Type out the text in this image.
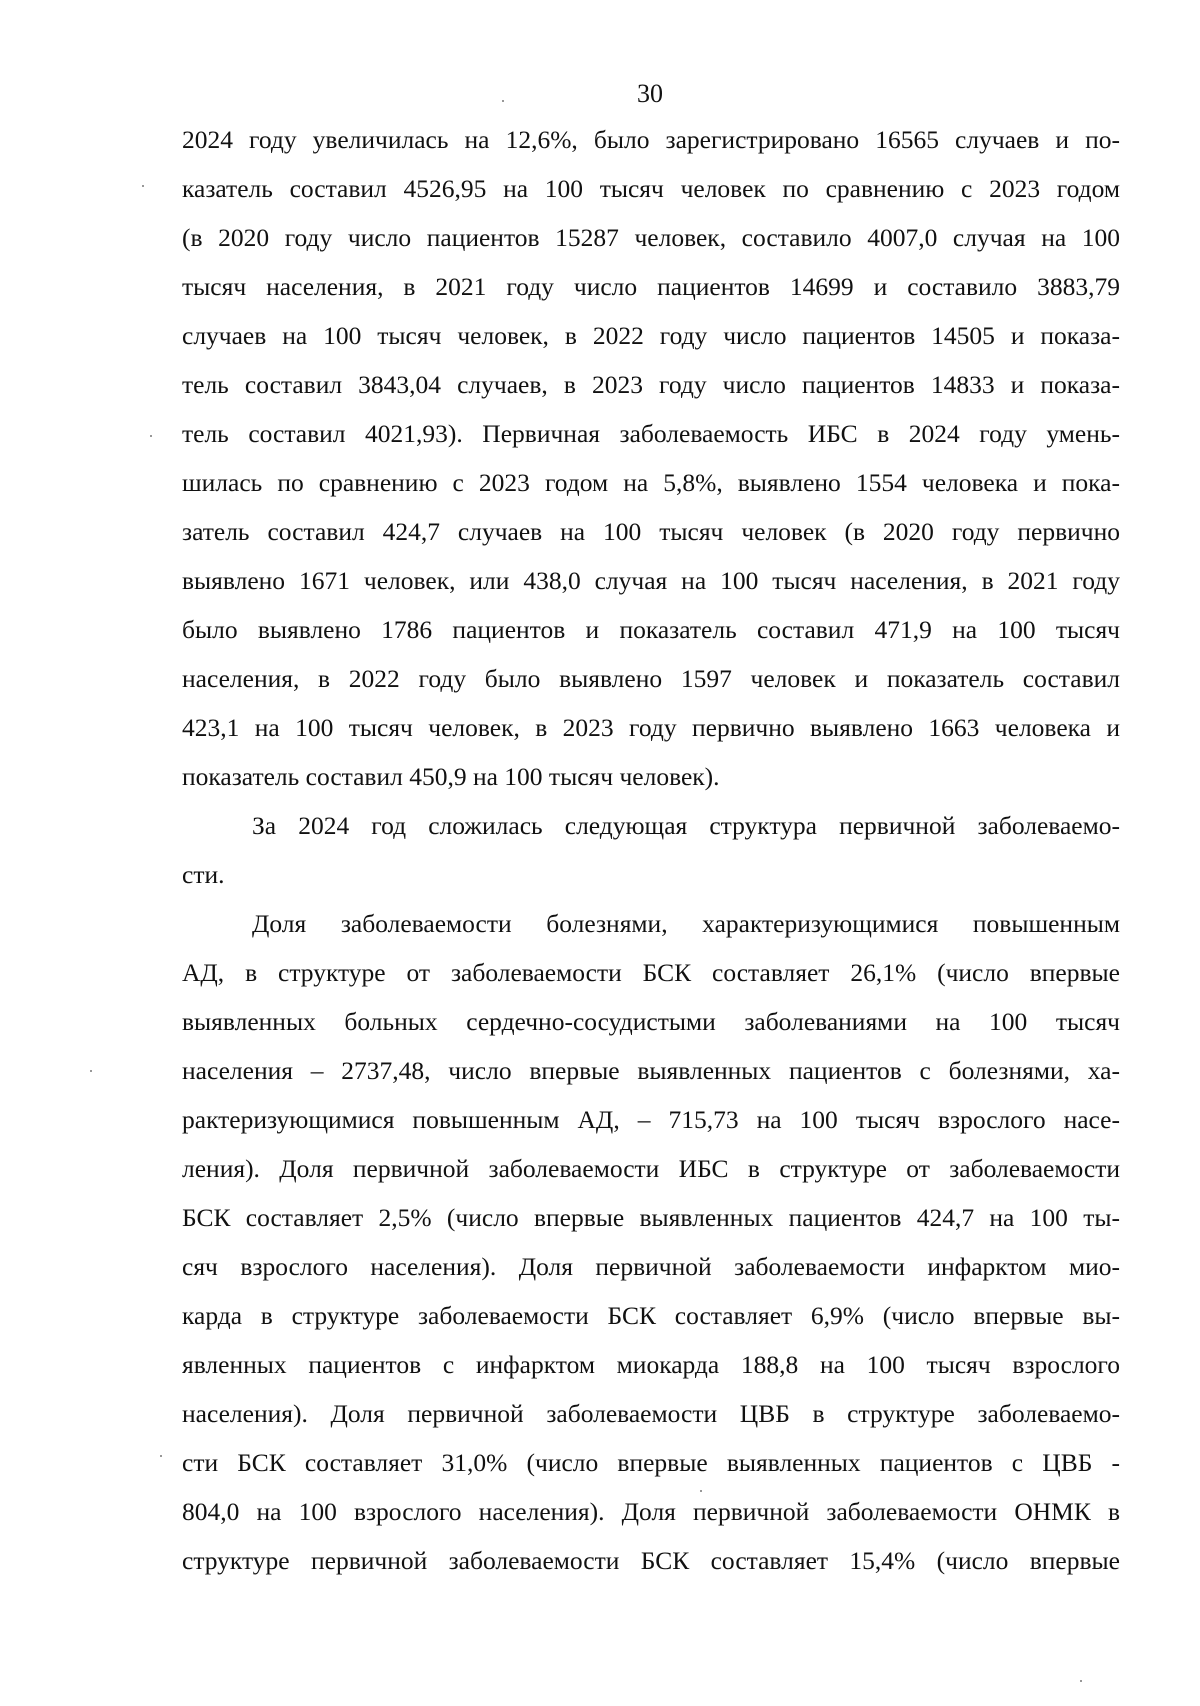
30

2024 году увеличилась на 12,6%, было зарегистрировано 16565 случаев и по-
казатель составил 4526,95 на 100 тысяч человек по сравнению с 2023 годом
(в 2020 году число пациентов 15287 человек, составило 4007,0 случая на 100
тысяч населения, в 2021 году число пациентов 14699 и составило 3883,79
случаев на 100 тысяч человек, в 2022 году число пациентов 14505 и показа-
тель составил 3843,04 случаев, в 2023 году число пациентов 14833 и показа-
тель составил 4021,93). Первичная заболеваемость ИБС в 2024 году умень-
шилась по сравнению с 2023 годом на 5,8%, выявлено 1554 человека и пока-
затель составил 424,7 случаев на 100 тысяч человек (в 2020 году первично
выявлено 1671 человек, или 438,0 случая на 100 тысяч населения, в 2021 году
было выявлено 1786 пациентов и показатель составил 471,9 на 100 тысяч
населения, в 2022 году было выявлено 1597 человек и показатель составил
423,1 на 100 тысяч человек, в 2023 году первично выявлено 1663 человека и
показатель составил 450,9 на 100 тысяч человек).

За 2024 год сложилась следующая структура первичной заболеваемо-
сти.

Доля заболеваемости болезнями, характеризующимися повышенным
АД, в структуре от заболеваемости БСК составляет 26,1% (число впервые
выявленных больных сердечно-сосудистыми заболеваниями на 100 тысяч
населения – 2737,48, число впервые выявленных пациентов с болезнями, ха-
рактеризующимися повышенным АД, – 715,73 на 100 тысяч взрослого насе-
ления). Доля первичной заболеваемости ИБС в структуре от заболеваемости
БСК составляет 2,5% (число впервые выявленных пациентов 424,7 на 100 ты-
сяч взрослого населения). Доля первичной заболеваемости инфарктом мио-
карда в структуре заболеваемости БСК составляет 6,9% (число впервые вы-
явленных пациентов с инфарктом миокарда 188,8 на 100 тысяч взрослого
населения). Доля первичной заболеваемости ЦВБ в структуре заболеваемо-
сти БСК составляет 31,0% (число впервые выявленных пациентов с ЦВБ -
804,0 на 100 взрослого населения). Доля первичной заболеваемости ОНМК в
структуре первичной заболеваемости БСК составляет 15,4% (число впервые
